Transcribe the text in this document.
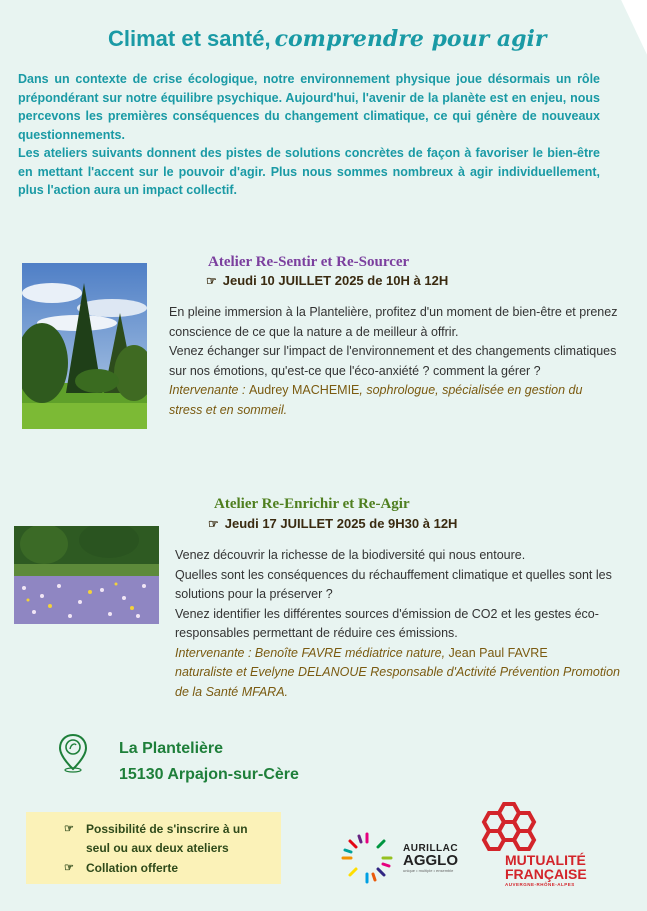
Climat et santé, comprendre pour agir

Dans un contexte de crise écologique, notre environnement physique joue désormais un rôle prépondérant sur notre équilibre psychique. Aujourd'hui, l'avenir de la planète est en enjeu, nous percevons les premières conséquences du changement climatique, ce qui génère de nouveaux questionnements.

Les ateliers suivants donnent des pistes de solutions concrètes de façon à favoriser le bien-être en mettant l'accent sur le pouvoir d'agir. Plus nous sommes nombreux à agir individuellement, plus l'action aura un impact collectif.

Atelier Re-Sentir et Re-Sourcer
☞ Jeudi 10 JUILLET 2025 de 10H à 12H

En pleine immersion à la Plantelière, profitez d'un moment de bien-être et prenez conscience de ce que la nature a de meilleur à offrir.

Venez échanger sur l'impact de l'environnement et des changements climatiques sur nos émotions, qu'est-ce que l'éco-anxiété ? comment la gérer ?

Intervenante : Audrey MACHEMIE, sophrologue, spécialisée en gestion du stress et en sommeil.

Atelier Re-Enrichir et Re-Agir
☞ Jeudi 17 JUILLET 2025 de 9H30 à 12H

Venez découvrir la richesse de la biodiversité qui nous entoure.

Quelles sont les conséquences du réchauffement climatique et quelles sont les solutions pour la préserver ?

Venez identifier les différentes sources d'émission de CO2 et les gestes éco-responsables permettant de réduire ces émissions.

Intervenante : Benoîte FAVRE médiatrice nature, Jean Paul FAVRE
naturaliste et Evelyne DELANOUE Responsable d'Activité Prévention Promotion de la Santé MFARA.

La Plantelière
15130 Arpajon-sur-Cère
☞ Possibilité de s'inscrire à un seul ou aux deux ateliers
☞ Collation offerte
AURILLAC
AGGLO
unique • multiple • ensemble
MUTUALITÉ
FRANÇAISE
AUVERGNE-RHÔNE-ALPES
